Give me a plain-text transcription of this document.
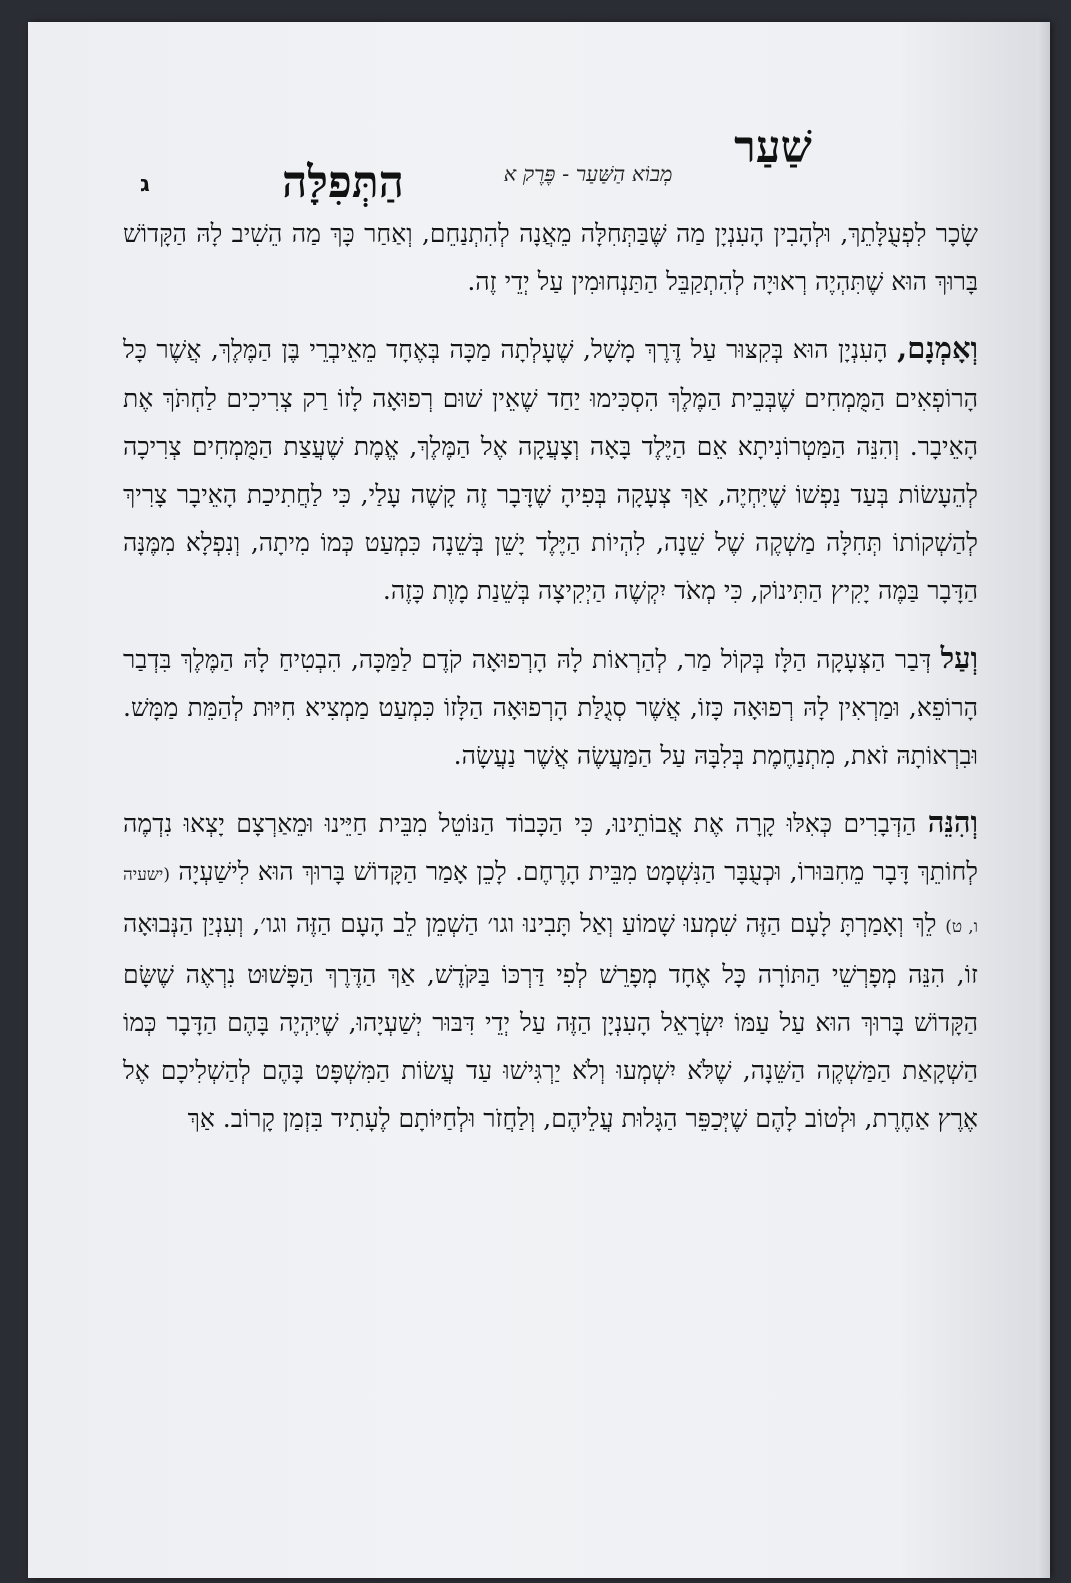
ג	הַתְּפִלָּה	מְבוֹא הַשַּׁעַר - פֶּרֶק א
שַׁעַר

שָׂכָר לִפְעֻלָּתֵךְ, וּלְהָבִין הָעִנְיָן מַה שֶּׁבַּתְּחִלָּה מֵאֲנָה לְהִתְנַחֵם, וְאַחַר כָּךְ מַה הֵשִׁיב לָהּ הַקָּדוֹשׁ בָּרוּךְ הוּא שֶׁתִּהְיֶה רְאוּיָה לְהִתְקַבֵּל הַתַּנְחוּמִין עַל יְדֵי זֶה.

וְאָמְנָם, הָעִנְיָן הוּא בְּקִצּוּר עַל דֶּרֶךְ מָשָׁל, שֶׁעָלְתָה מַכָּה בְּאֶחָד מֵאֵיבְרֵי בֶּן הַמֶּלֶךְ, אֲשֶׁר כָּל הָרוֹפְאִים הַמֻּמְחִים שֶׁבְּבֵית הַמֶּלֶךְ הִסְכִּימוּ יַחַד שֶׁאֵין שׁוּם רְפוּאָה לָזוֹ רַק צְרִיכִים לַחְתֹּךְ אֶת הָאֵיבָר. וְהִנֵּה הַמַּטְרוֹנִיתָא אֵם הַיֶּלֶד בָּאָה וְצָעֲקָה אֶל הַמֶּלֶךְ, אֱמֶת שֶׁעֲצַת הַמֻּמְחִים צְרִיכָה לְהֵעָשׂוֹת בְּעַד נַפְשׁוֹ שֶׁיִּחְיֶה, אַךְ צְעָקָה בְּפִיהָ שֶׁדָּבָר זֶה קָשֶׁה עָלַי, כִּי לַחֲתִיכַת הָאֵיבָר צָרִיךְ לְהַשְׁקוֹתוֹ תְּחִלָּה מַשְׁקֶה שֶׁל שֵׁנָה, לִהְיוֹת הַיֶּלֶד יָשֵׁן בְּשֵׁנָה כִּמְעַט כְּמוֹ מִיתָה, וְנִפְלָא מִמֶּנָּה הַדָּבָר בַּמֶּה יָקִיץ הַתִּינוֹק, כִּי מְאֹד יִקְשֶׁה הַיְקִיצָה בְּשֵׁנַת מָוֶת כָּזֶה.

וְעַל דְּבַר הַצְּעָקָה הַלָּז בְּקוֹל מַר, לְהַרְאוֹת לָהּ הָרְפוּאָה קֹדֶם לַמַּכָּה, הִבְטִיחַ לָהּ הַמֶּלֶךְ בִּדְבַר הָרוֹפֵא, וּמַרְאִין לָהּ רְפוּאָה כָּזוֹ, אֲשֶׁר סְגֻלַּת הָרְפוּאָה הַלָּזוֹ כִּמְעַט מַמְצִיא חִיּוּת לְהַמֵּת מַמָּשׁ. וּבִרְאוֹתָהּ זֹאת, מִתְנַחֶמֶת בְּלִבָּהּ עַל הַמַּעֲשֶׂה אֲשֶׁר נַעֲשָׂה.

וְהִנֵּה הַדְּבָרִים כְּאִלּוּ קָרָה אֶת אֲבוֹתֵינוּ, כִּי הַכָּבוֹד הַנּוֹטֵל מִבֵּית חַיֵּינוּ וּמֵאַרְצָם יָצְאוּ נִדְמֶה לְחוֹתֵךְ דָּבָר מֵחִבּוּרוֹ, וּכְעֻבָּר הַנִּשְׁמָט מִבֵּית הָרֶחֶם. לָכֵן אָמַר הַקָּדוֹשׁ בָּרוּךְ הוּא לִישַׁעְיָה (ישעיה ו, ט) לֵךְ וְאָמַרְתָּ לָעָם הַזֶּה שִׁמְעוּ שָׁמוֹעַ וְאַל תָּבִינוּ וגו׳ הַשְׁמֵן לֵב הָעָם הַזֶּה וגו׳, וְעִנְיַן הַנְּבוּאָה זוֹ, הִנֵּה מְפָרְשֵׁי הַתּוֹרָה כָּל אֶחָד מְפָרֵשׁ לְפִי דַּרְכּוֹ בַּקֹּדֶשׁ, אַךְ הַדֶּרֶךְ הַפָּשׁוּט נִרְאֶה שֶׁשָּׂם הַקָּדוֹשׁ בָּרוּךְ הוּא עַל עַמּוֹ יִשְׂרָאֵל הָעִנְיָן הַזֶּה עַל יְדֵי דִּבּוּר יְשַׁעְיָהוּ, שֶׁיִּהְיֶה בָּהֶם הַדָּבָר כְּמוֹ הַשְׁקָאַת הַמַּשְׁקֶה הַשֵּׁנָה, שֶׁלֹּא יִשְׁמְעוּ וְלֹא יַרְגִּישׁוּ עַד עֲשׂוֹת הַמִּשְׁפָּט בָּהֶם לְהַשְׁלִיכָם אֶל אֶרֶץ אַחֶרֶת, וּלְטוֹב לָהֶם שֶׁיְּכַפֵּר הַגָּלוּת עֲלֵיהֶם, וְלַחֲזֹר וּלְחַיּוֹתָם לֶעָתִיד בִּזְמַן קָרוֹב. אַךְ
